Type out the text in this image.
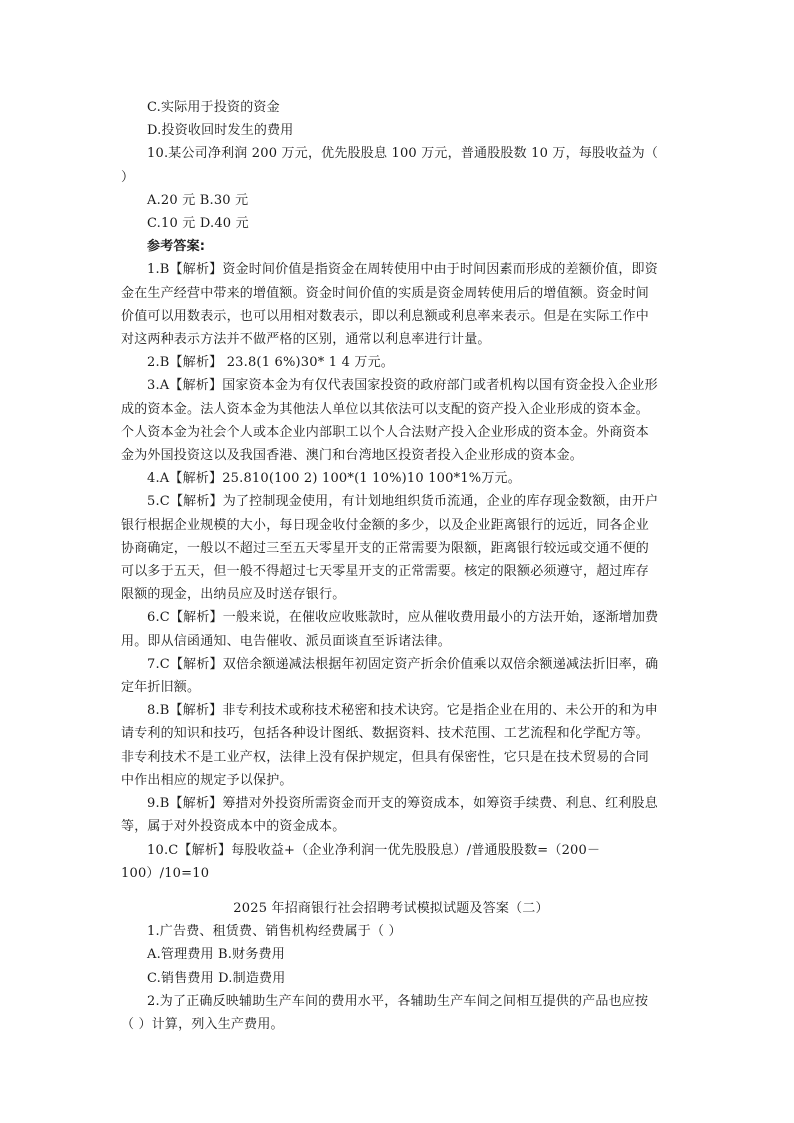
C.实际用于投资的资金

D.投资收回时发生的费用

10.某公司净利润 200 万元，优先股股息 100 万元，普通股股数 10 万，每股收益为（ ）

A.20 元 B.30 元

C.10 元 D.40 元

参考答案:

1.B【解析】资金时间价值是指资金在周转使用中由于时间因素而形成的差额价值，即资金在生产经营中带来的增值额。资金时间价值的实质是资金周转使用后的增值额。资金时间价值可以用数表示，也可以用相对数表示，即以利息额或利息率来表示。但是在实际工作中对这两种表示方法并不做严格的区别，通常以利息率进行计量。

2.B【解析】 23.8(1 6%)30* 1 4 万元。

3.A【解析】国家资本金为有仅代表国家投资的政府部门或者机构以国有资金投入企业形成的资本金。法人资本金为其他法人单位以其依法可以支配的资产投入企业形成的资本金。个人资本金为社会个人或本企业内部职工以个人合法财产投入企业形成的资本金。外商资本金为外国投资这以及我国香港、澳门和台湾地区投资者投入企业形成的资本金。

4.A【解析】25.810(100 2) 100*(1 10%)10 100*1%万元。

5.C【解析】为了控制现金使用，有计划地组织货币流通，企业的库存现金数额，由开户银行根据企业规模的大小，每日现金收付金额的多少，以及企业距离银行的远近，同各企业协商确定，一般以不超过三至五天零星开支的正常需要为限额，距离银行较远或交通不便的可以多于五天，但一般不得超过七天零星开支的正常需要。核定的限额必须遵守，超过库存限额的现金，出纳员应及时送存银行。

6.C【解析】一般来说，在催收应收账款时，应从催收费用最小的方法开始，逐渐增加费用。即从信函通知、电告催收、派员面谈直至诉诸法律。

7.C【解析】双倍余额递减法根据年初固定资产折余价值乘以双倍余额递减法折旧率，确定年折旧额。

8.B【解析】非专利技术或称技术秘密和技术诀窍。它是指企业在用的、未公开的和为申请专利的知识和技巧，包括各种设计图纸、数据资料、技术范围、工艺流程和化学配方等。非专利技术不是工业产权，法律上没有保护规定，但具有保密性，它只是在技术贸易的合同中作出相应的规定予以保护。

9.B【解析】筹措对外投资所需资金而开支的筹资成本，如筹资手续费、利息、红利股息等，属于对外投资成本中的资金成本。

10.C【解析】每股收益+（企业净利润一优先股股息）/普通股股数=（200－100）/10=10

2025 年招商银行社会招聘考试模拟试题及答案（二）

1.广告费、租赁费、销售机构经费属于（ ）

A.管理费用 B.财务费用

C.销售费用 D.制造费用

2.为了正确反映辅助生产车间的费用水平，各辅助生产车间之间相互提供的产品也应按（ ）计算，列入生产费用。
